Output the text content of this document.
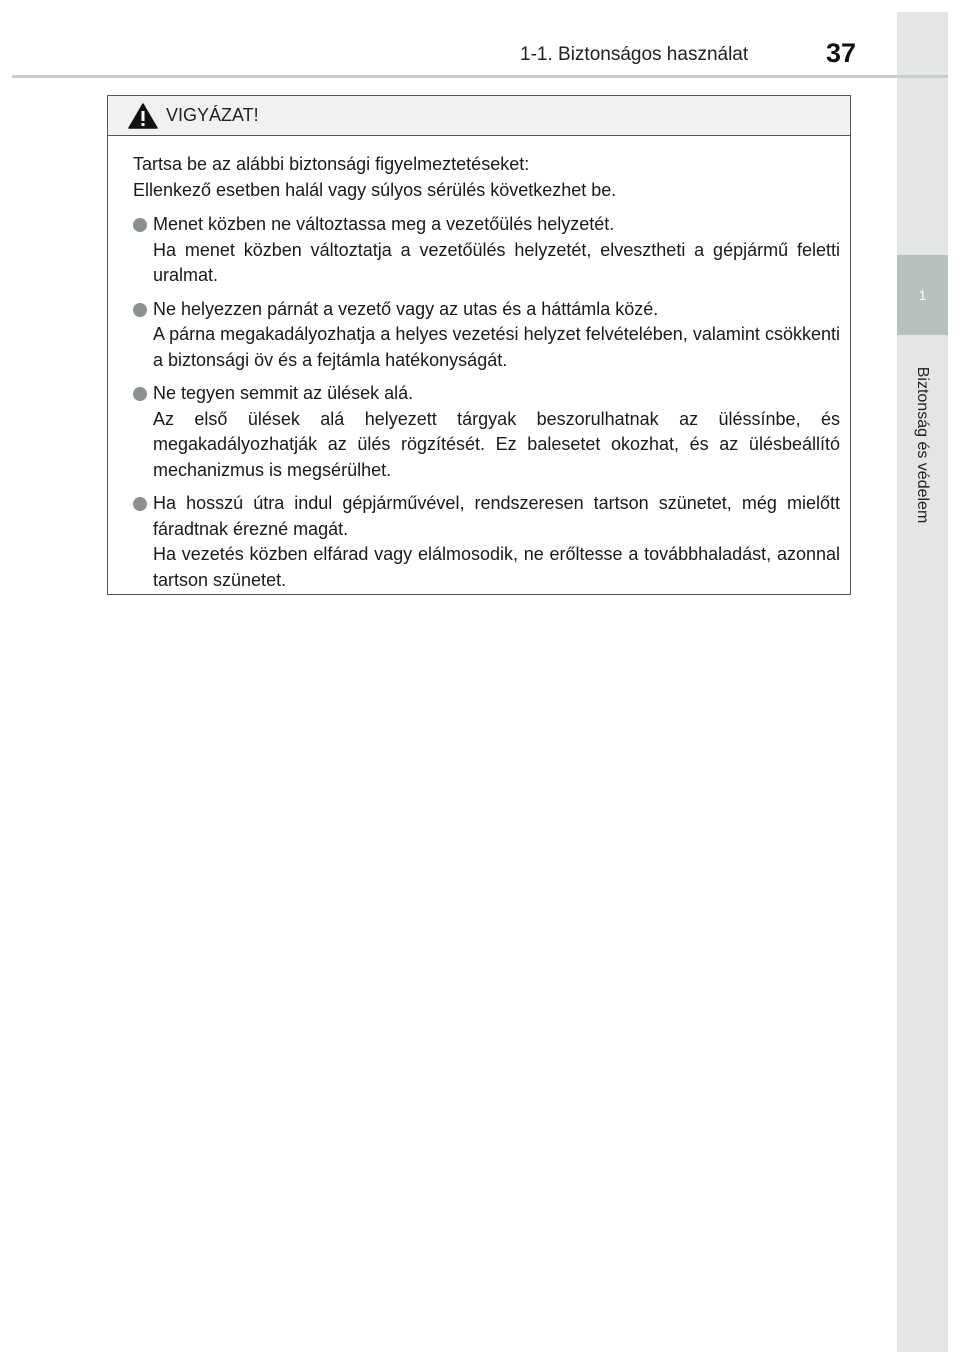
1
Biztonság és védelem
1-1. Biztonságos használat	37
VIGYÁZAT!

Tartsa be az alábbi biztonsági figyelmeztetéseket:
Ellenkező esetben halál vagy súlyos sérülés következhet be.

Menet közben ne változtassa meg a vezetőülés helyzetét.
Ha menet közben változtatja a vezetőülés helyzetét, elvesztheti a gépjármű feletti uralmat.
Ne helyezzen párnát a vezető vagy az utas és a háttámla közé.
A párna megakadályozhatja a helyes vezetési helyzet felvételében, valamint csökkenti a biztonsági öv és a fejtámla hatékonyságát.
Ne tegyen semmit az ülések alá.
Az első ülések alá helyezett tárgyak beszorulhatnak az üléssínbe, és megakadályozhatják az ülés rögzítését. Ez balesetet okozhat, és az ülésbeállító mechanizmus is megsérülhet.
Ha hosszú útra indul gépjárművével, rendszeresen tartson szünetet, még mielőtt fáradtnak érezné magát.
Ha vezetés közben elfárad vagy elálmosodik, ne erőltesse a továbbhaladást, azonnal tartson szünetet.
